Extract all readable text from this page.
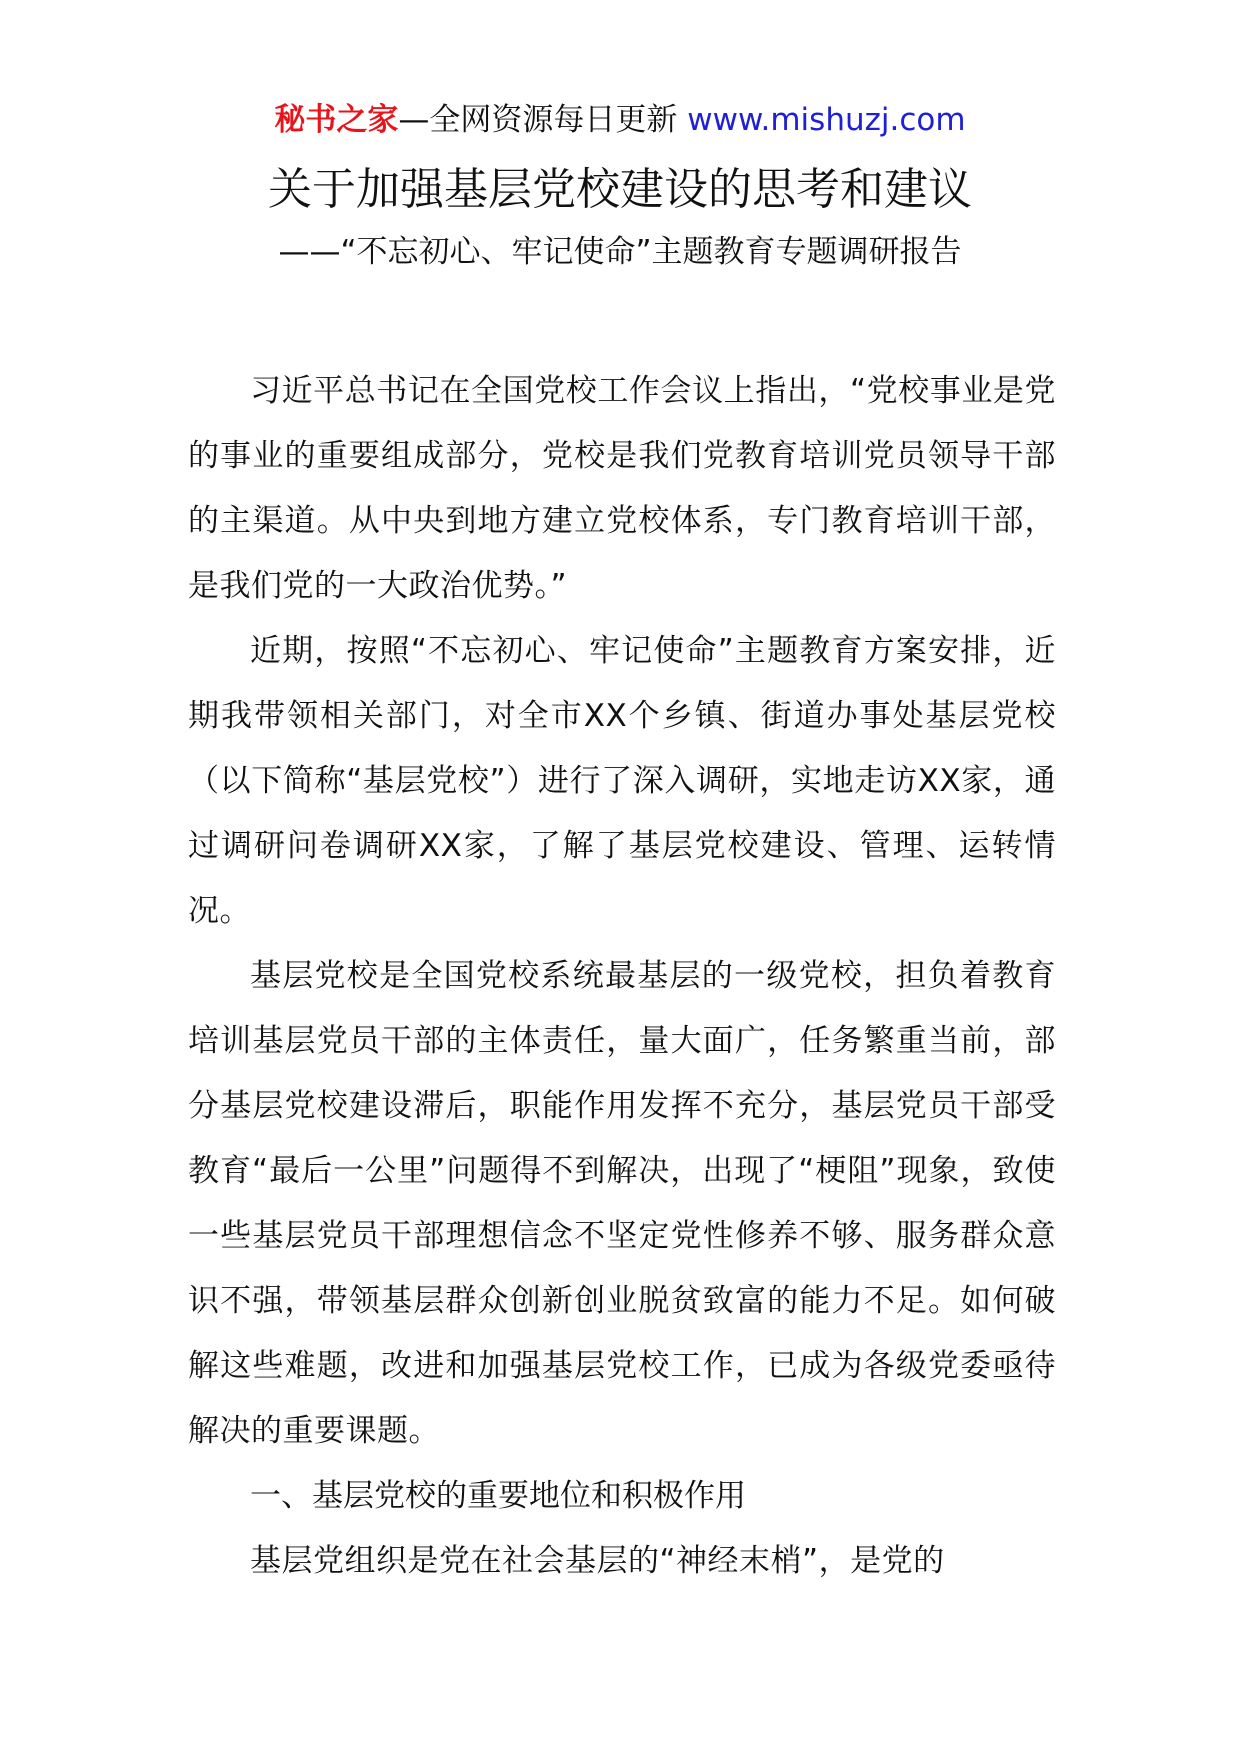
秘书之家—全网资源每日更新 www.mishuzj.com
关于加强基层党校建设的思考和建议
——“不忘初心、牢记使命”主题教育专题调研报告

习近平总书记在全国党校工作会议上指出，“党校事业是党的事业的重要组成部分，党校是我们党教育培训党员领导干部的主渠道。从中央到地方建立党校体系，专门教育培训干部，是我们党的一大政治优势。”

近期，按照“不忘初心、牢记使命”主题教育方案安排，近期我带领相关部门，对全市XX个乡镇、街道办事处基层党校（以下简称“基层党校”）进行了深入调研，实地走访XX家，通过调研问卷调研XX家，了解了基层党校建设、管理、运转情况。

基层党校是全国党校系统最基层的一级党校，担负着教育培训基层党员干部的主体责任，量大面广，任务繁重当前，部分基层党校建设滞后，职能作用发挥不充分，基层党员干部受教育“最后一公里”问题得不到解决，出现了“梗阻”现象，致使一些基层党员干部理想信念不坚定党性修养不够、服务群众意识不强，带领基层群众创新创业脱贫致富的能力不足。如何破解这些难题，改进和加强基层党校工作，已成为各级党委亟待解决的重要课题。

一、基层党校的重要地位和积极作用

基层党组织是党在社会基层的“神经末梢”，是党的
